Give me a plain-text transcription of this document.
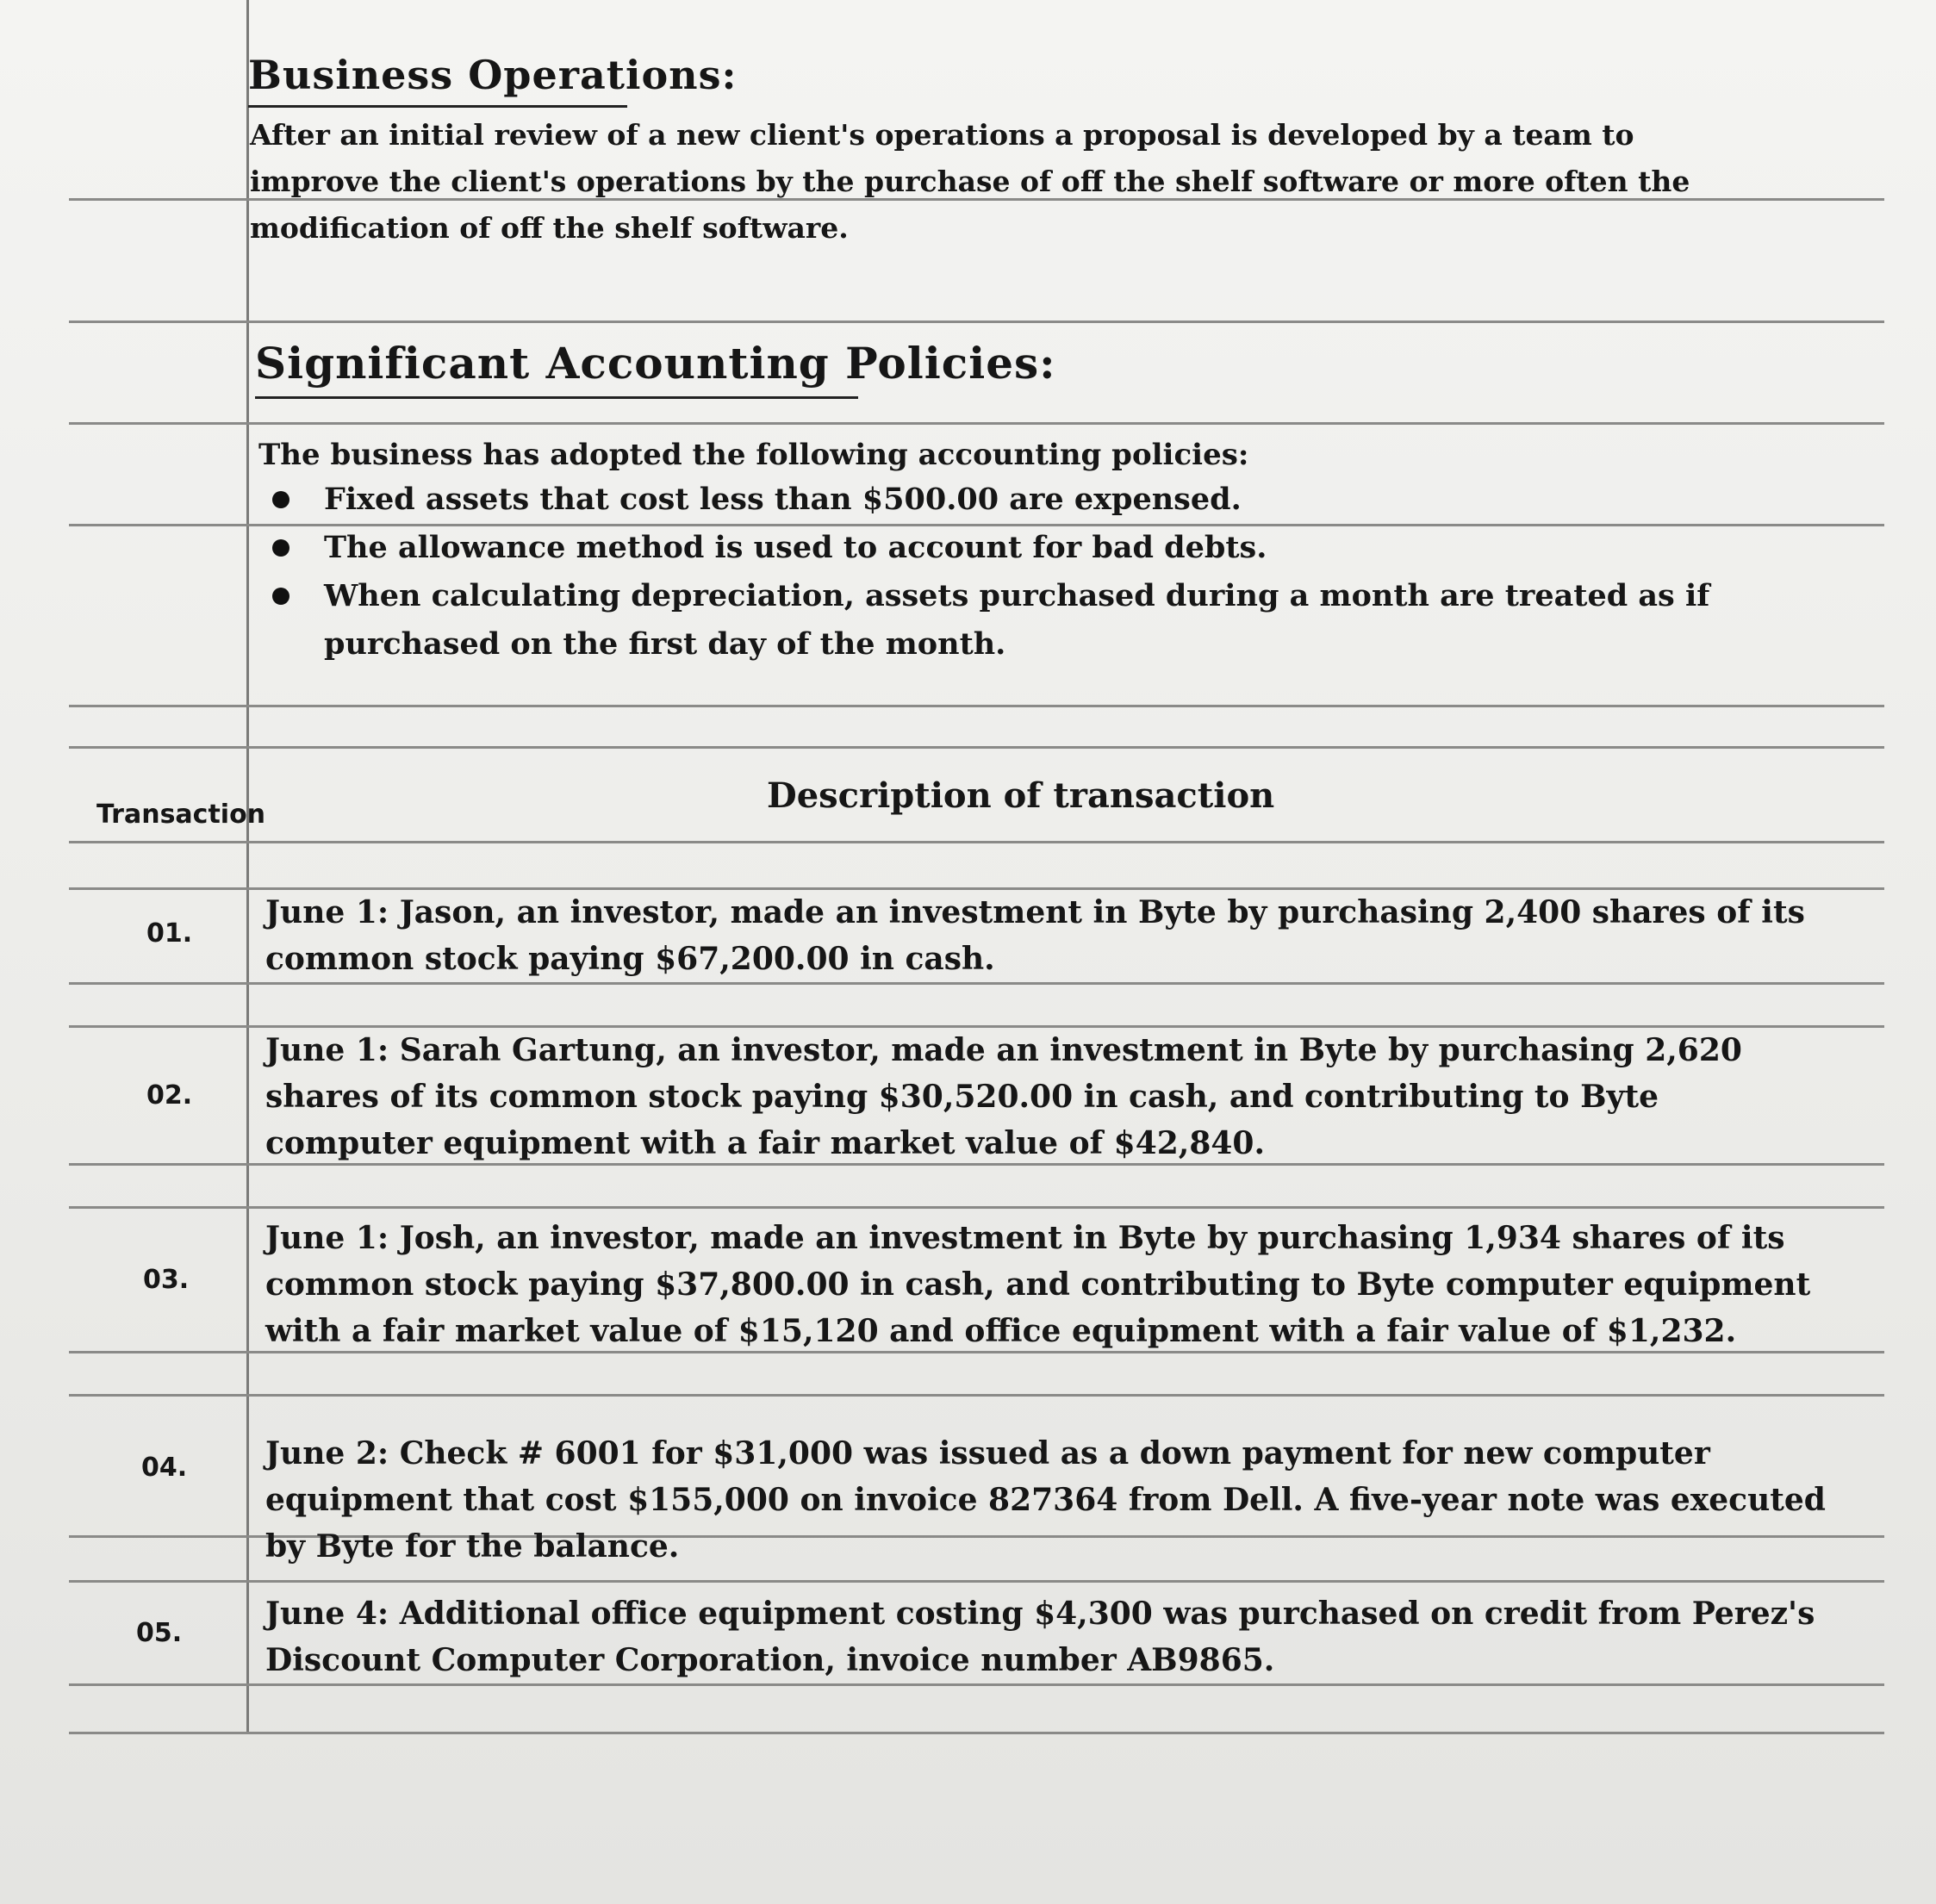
Business Operations:
After an initial review of a new client's operations a proposal is developed by a team to improve the client's operations by the purchase of off the shelf software or more often the modification of off the shelf software.
Significant Accounting Policies:
The business has adopted the following accounting policies:
Fixed assets that cost less than $500.00 are expensed.
The allowance method is used to account for bad debts.
When calculating depreciation, assets purchased during a month are treated as if purchased on the first day of the month.
Transaction	Description of transaction
01.
June 1: Jason, an investor, made an investment in Byte by purchasing 2,400 shares of its common stock paying $67,200.00 in cash.
02.
June 1: Sarah Gartung, an investor, made an investment in Byte by purchasing 2,620 shares of its common stock paying $30,520.00 in cash, and contributing to Byte computer equipment with a fair market value of $42,840.
03.
June 1: Josh, an investor, made an investment in Byte by purchasing 1,934 shares of its common stock paying $37,800.00 in cash, and contributing to Byte computer equipment with a fair market value of $15,120 and office equipment with a fair value of $1,232.
04.	June 2: Check # 6001 for $31,000 was issued as a down payment for new computer equipment that cost $155,000 on invoice 827364 from Dell. A five-year note was executed by Byte for the balance.
05.
June 4: Additional office equipment costing $4,300 was purchased on credit from Perez's Discount Computer Corporation, invoice number AB9865.
